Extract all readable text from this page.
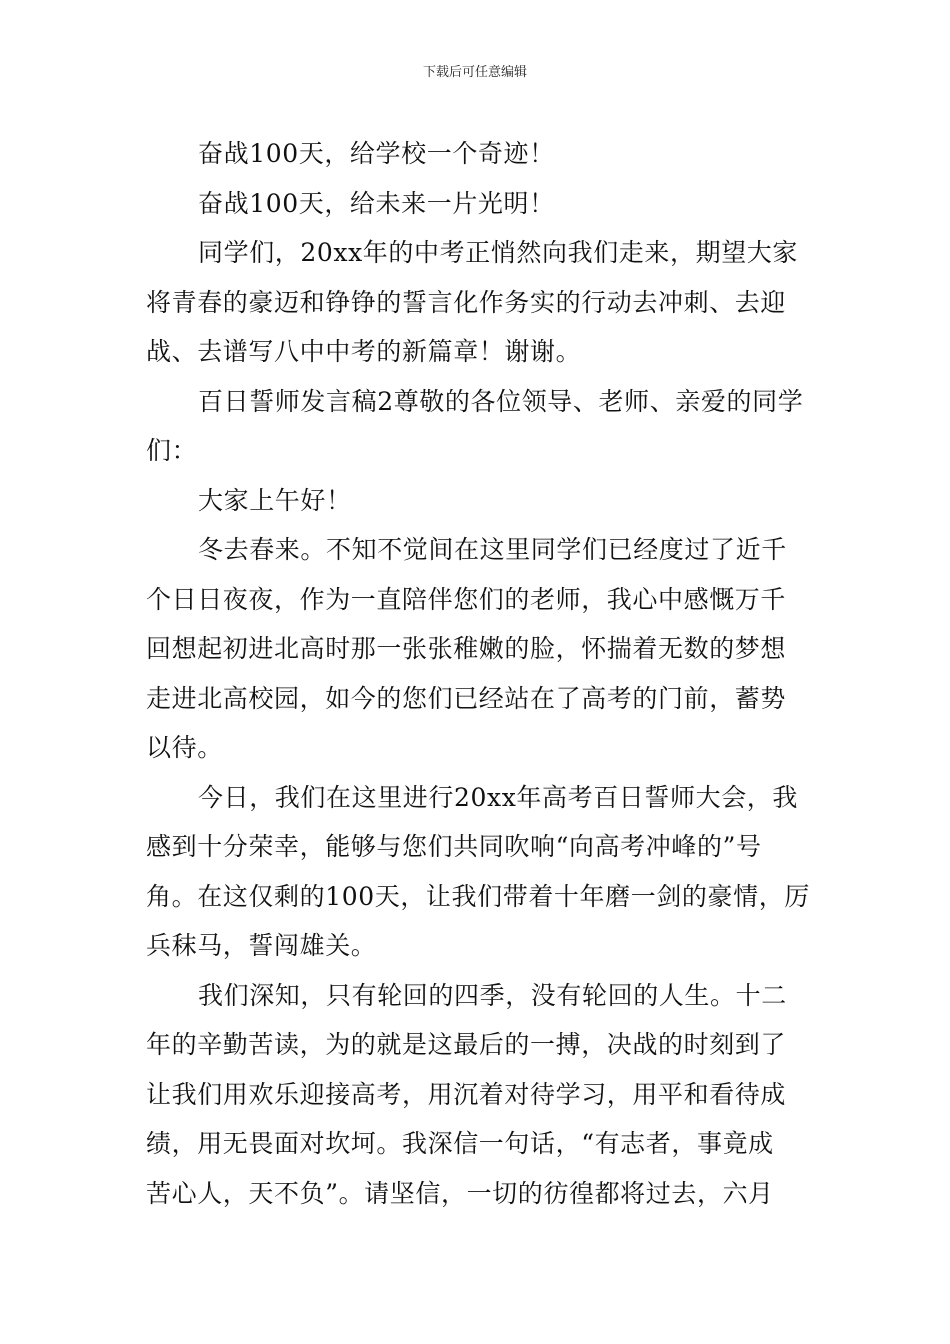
下载后可任意编辑

奋战100天，给学校一个奇迹！

奋战100天，给未来一片光明！

同学们，20xx年的中考正悄然向我们走来，期望大家
将青春的豪迈和铮铮的誓言化作务实的行动去冲刺、去迎
战、去谱写八中中考的新篇章！谢谢。

百日誓师发言稿2尊敬的各位领导、老师、亲爱的同学
们：

大家上午好！

冬去春来。不知不觉间在这里同学们已经度过了近千
个日日夜夜，作为一直陪伴您们的老师，我心中感慨万千
回想起初进北高时那一张张稚嫩的脸，怀揣着无数的梦想
走进北高校园，如今的您们已经站在了高考的门前，蓄势
以待。

今日，我们在这里进行20xx年高考百日誓师大会，我
感到十分荣幸，能够与您们共同吹响“向高考冲峰的”号
角。在这仅剩的100天，让我们带着十年磨一剑的豪情，厉
兵秣马，誓闯雄关。

我们深知，只有轮回的四季，没有轮回的人生。十二
年的辛勤苦读，为的就是这最后的一搏，决战的时刻到了
让我们用欢乐迎接高考，用沉着对待学习，用平和看待成
绩，用无畏面对坎坷。我深信一句话，“有志者，事竟成
苦心人，天不负”。请坚信，一切的彷徨都将过去，六月
